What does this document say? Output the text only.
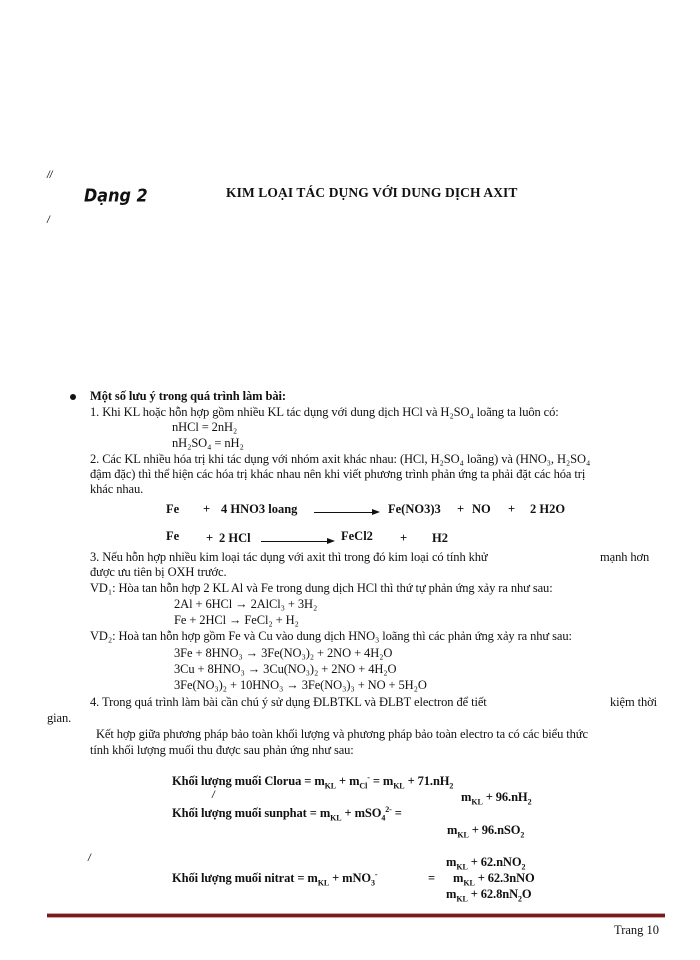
//
/
Dạng 2	KIM LOẠI TÁC DỤNG VỚI DUNG DỊCH AXIT
Một số lưu ý trong quá trình làm bài:
1. Khi KL hoặc hỗn hợp gồm nhiều KL tác dụng với dung dịch HCl và H₂SO₄ loãng ta luôn có:
nHCl = 2nH₂
nH₂SO₄ = nH₂
2. Các KL nhiều hóa trị khi tác dụng với nhóm axit khác nhau: (HCl, H₂SO₄ loãng) và (HNO₃, H₂SO₄
đậm đặc) thì thể hiện các hóa trị khác nhau nên khi viết phương trình phản ứng ta phải đặt các hóa trị
khác nhau.
Fe + 4 HNO3 loang	Fe(NO3)3 + NO + 2 H2O
Fe + 2 HCl	FeCl2 + H2
3. Nếu hỗn hợp nhiều kim loại tác dụng với axit thì trong đó kim loại có tính khử	mạnh hơn
được ưu tiên bị OXH trước.
VD₁: Hòa tan hỗn hợp 2 KL Al và Fe trong dung dịch HCl thì thứ tự phản ứng xảy ra như sau:
2Al + 6HCl → 2AlCl₃ + 3H₂
Fe + 2HCl → FeCl₂ + H₂
VD₂: Hoà tan hỗn hợp gồm Fe và Cu vào dung dịch HNO₃ loãng thì các phản ứng xảy ra như sau:
3Fe + 8HNO₃ → 3Fe(NO₃)₂ + 2NO + 4H₂O
3Cu + 8HNO₃ → 3Cu(NO₃)₂ + 2NO + 4H₂O
3Fe(NO₃)₂ + 10HNO₃ → 3Fe(NO₃)₃ + NO + 5H₂O
4. Trong quá trình làm bài cần chú ý sử dụng ĐLBTKL và ĐLBT electron để tiết	kiệm thời
gian.
Kết hợp giữa phương pháp bảo toàn khối lượng và phương pháp bảo toàn electro ta có các biểu thức
tính khối lượng muối thu được sau phản ứng như sau:
Khối lượng muối Clorua = $m_{KL} + m_{Cl}^- = m_{KL} + 71.nH_2$
/	$m_{KL} + 96.nH_2$
Khối lượng muối sunphat = $m_{KL} + mSO_4^{2-}$ =
$m_{KL} + 96.nSO_2$
/	$m_{KL} + 62.nNO_2$
Khối lượng muối nitrat = $m_{KL} + mNO_3^-$	= $m_{KL} + 62.3nNO$
$m_{KL} + 62.8nN_2O$
Trang 10
